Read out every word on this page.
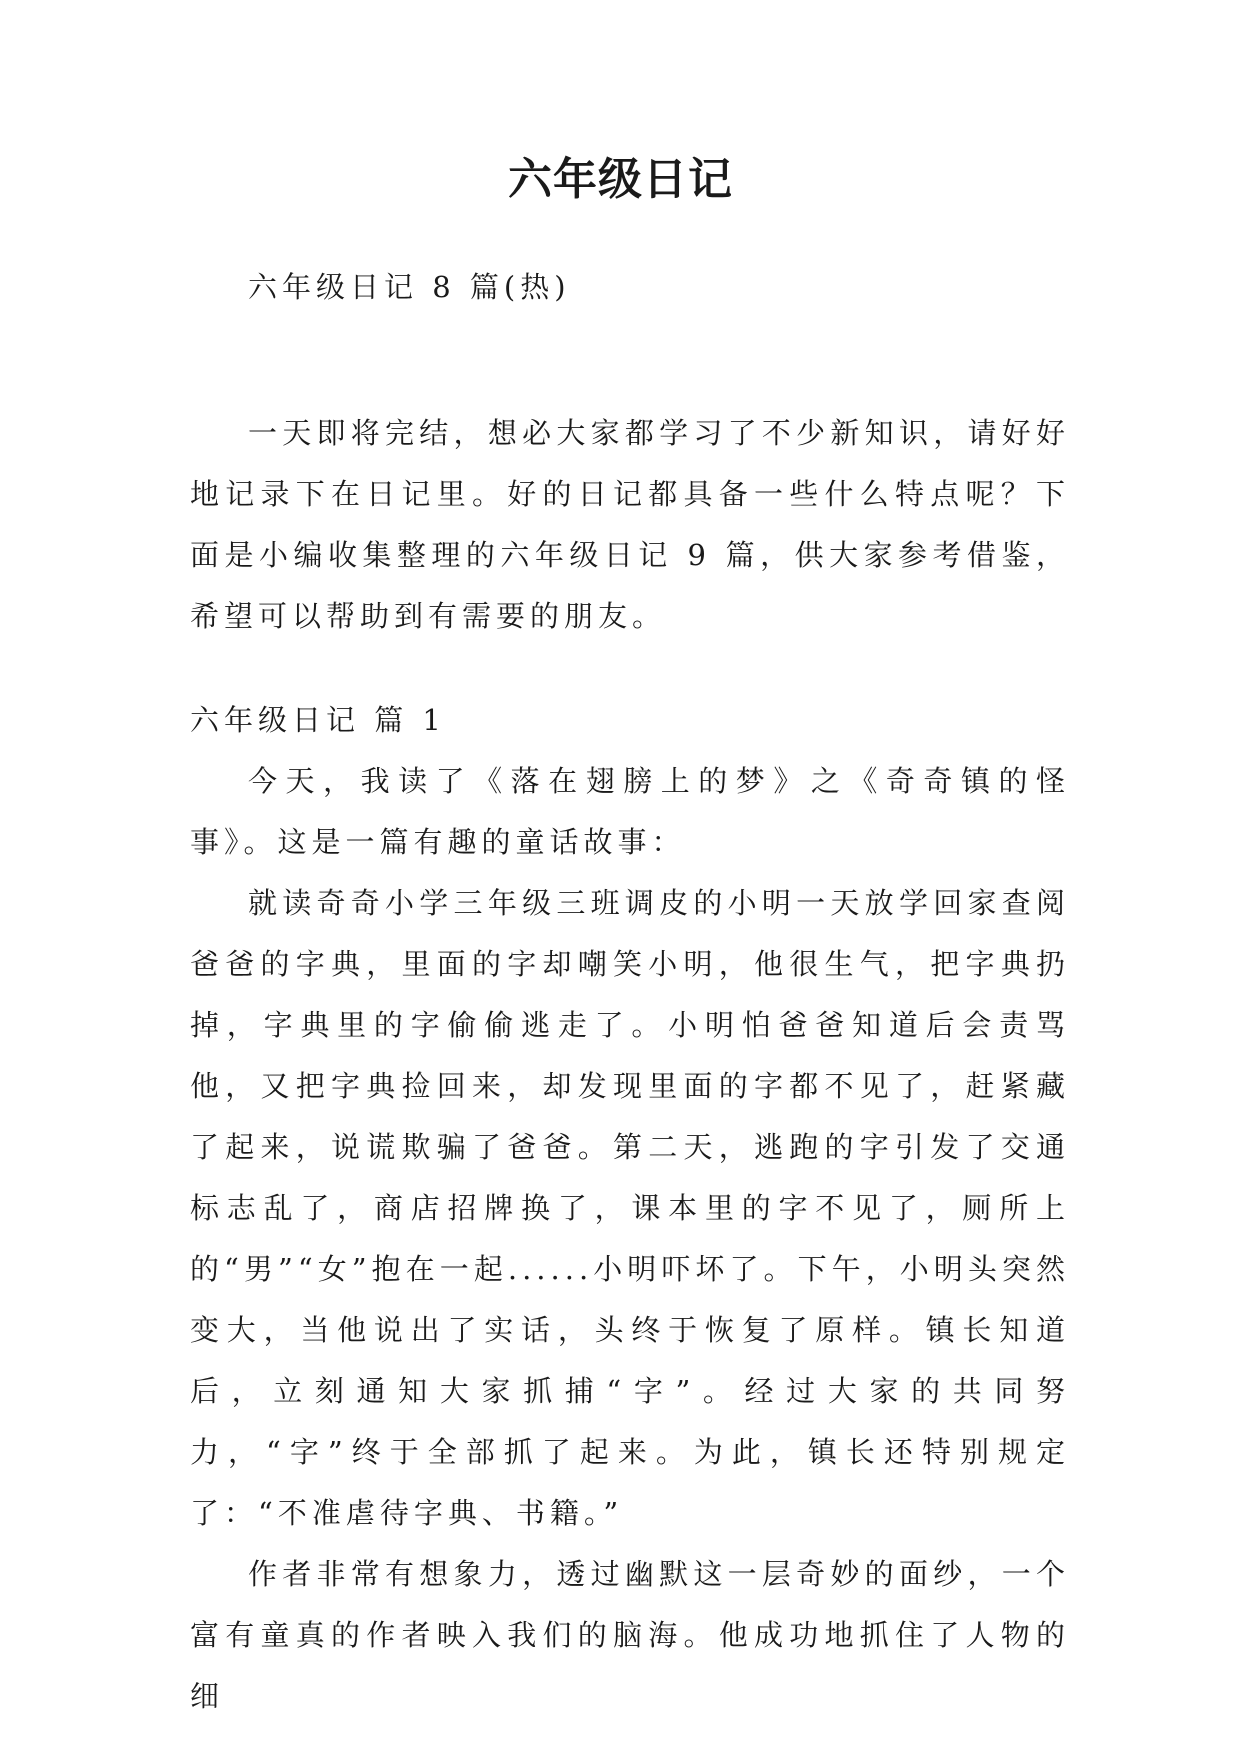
六年级日记

六年级日记 8 篇(热)

一天即将完结，想必大家都学习了不少新知识，请好好地记录下在日记里。好的日记都具备一些什么特点呢？下面是小编收集整理的六年级日记 9 篇，供大家参考借鉴，希望可以帮助到有需要的朋友。

六年级日记 篇 1

今天，我读了《落在翅膀上的梦》之《奇奇镇的怪事》。这是一篇有趣的童话故事：

就读奇奇小学三年级三班调皮的小明一天放学回家查阅爸爸的字典，里面的字却嘲笑小明，他很生气，把字典扔掉，字典里的字偷偷逃走了。小明怕爸爸知道后会责骂他，又把字典捡回来，却发现里面的字都不见了，赶紧藏了起来，说谎欺骗了爸爸。第二天，逃跑的字引发了交通标志乱了，商店招牌换了，课本里的字不见了，厕所上的“男”“女”抱在一起......小明吓坏了。下午，小明头突然变大，当他说出了实话，头终于恢复了原样。镇长知道后，立刻通知大家抓捕“字”。经过大家的共同努力，“字”终于全部抓了起来。为此，镇长还特别规定了：“不准虐待字典、书籍。”

作者非常有想象力，透过幽默这一层奇妙的面纱，一个富有童真的作者映入我们的脑海。他成功地抓住了人物的细
